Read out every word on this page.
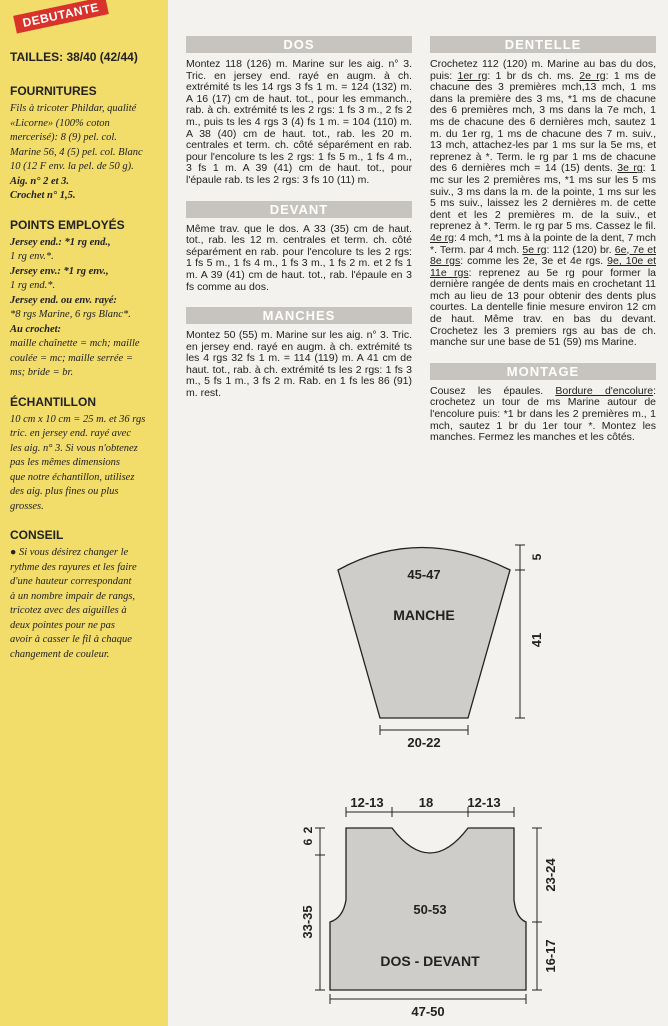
DEBUTANTE
TAILLES: 38/40 (42/44)
FOURNITURES
Fils à tricoter Phildar, qualité
«Licorne» (100% coton
mercerisé): 8 (9) pel. col.
Marine 56, 4 (5) pel. col. Blanc
10 (12 F env. la pel. de 50 g).
Aig. n° 2 et 3.
Crochet n° 1,5.
POINTS EMPLOYÉS
Jersey end.: *1 rg end.,
1 rg env.*.
Jersey env.: *1 rg env.,
1 rg end.*.
Jersey end. ou env. rayé:
*8 rgs Marine, 6 rgs Blanc*.
Au crochet:
maille chaînette = mch; maille
coulée = mc; maille serrée =
ms; bride = br.
ÉCHANTILLON
10 cm x 10 cm = 25 m. et 36 rgs
tric. en jersey end. rayé avec
les aig. n° 3. Si vous n'obtenez
pas les mêmes dimensions
que notre échantillon, utilisez
des aig. plus fines ou plus
grosses.
CONSEIL
● Si vous désirez changer le
rythme des rayures et les faire
d'une hauteur correspondant
à un nombre impair de rangs,
tricotez avec des aiguilles à
deux pointes pour ne pas
avoir à casser le fil à chaque
changement de couleur.
DOS

Montez 118 (126) m. Marine sur les aig. n° 3. Tric. en jersey end. rayé en augm. à ch. extrémité ts les 14 rgs 3 fs 1 m. = 124 (132) m. A 16 (17) cm de haut. tot., pour les emmanch., rab. à ch. extrémité ts les 2 rgs: 1 fs 3 m., 2 fs 2 m., puis ts les 4 rgs 3 (4) fs 1 m. = 104 (110) m. A 38 (40) cm de haut. tot., rab. les 20 m. centrales et term. ch. côté séparément en rab. pour l'encolure ts les 2 rgs: 1 fs 5 m., 1 fs 4 m., 3 fs 1 m. A 39 (41) cm de haut. tot., pour l'épaule rab. ts les 2 rgs: 3 fs 10 (11) m.

DEVANT

Même trav. que le dos. A 33 (35) cm de haut. tot., rab. les 12 m. centrales et term. ch. côté séparément en rab. pour l'encolure ts les 2 rgs: 1 fs 5 m., 1 fs 4 m., 1 fs 3 m., 1 fs 2 m. et 2 fs 1 m. A 39 (41) cm de haut. tot., rab. l'épaule en 3 fs comme au dos.

MANCHES

Montez 50 (55) m. Marine sur les aig. n° 3. Tric. en jersey end. rayé en augm. à ch. extrémité ts les 4 rgs 32 fs 1 m. = 114 (119) m. A 41 cm de haut. tot., rab. à ch. extrémité ts les 2 rgs: 1 fs 3 m., 5 fs 1 m., 3 fs 2 m. Rab. en 1 fs les 86 (91) m. rest.

DENTELLE

Crochetez 112 (120) m. Marine au bas du dos, puis: 1er rg: 1 br ds ch. ms. 2e rg: 1 ms de chacune des 3 premières mch,13 mch, 1 ms dans la première des 3 ms, *1 ms de chacune des 6 premières mch, 3 ms dans la 7e mch, 1 ms de chacune des 6 dernières mch, sautez 1 m. du 1er rg, 1 ms de chacune des 7 m. suiv., 13 mch, attachez-les par 1 ms sur la 5e ms, et reprenez à *. Term. le rg par 1 ms de chacune des 6 dernières mch = 14 (15) dents. 3e rg: 1 mc sur les 2 premières ms, *1 ms sur les 5 ms suiv., 3 ms dans la m. de la pointe, 1 ms sur les 5 ms suiv., laissez les 2 dernières m. de cette dent et les 2 premières m. de la suiv., et reprenez à *. Term. le rg par 5 ms. Cassez le fil. 4e rg: 4 mch, *1 ms à la pointe de la dent, 7 mch *. Term. par 4 mch. 5e rg: 112 (120) br. 6e, 7e et 8e rgs: comme les 2e, 3e et 4e rgs. 9e, 10e et 11e rgs: reprenez au 5e rg pour former la dernière rangée de dents mais en crochetant 11 mch au lieu de 13 pour obtenir des dents plus courtes. La dentelle finie mesure environ 12 cm de haut. Même trav. en bas du devant. Crochetez les 3 premiers rgs au bas de ch. manche sur une base de 51 (59) ms Marine.

MONTAGE

Cousez les épaules. Bordure d'encolure: crochetez un tour de ms Marine autour de l'encolure puis: *1 br dans les 2 premières m., 1 mch, sautez 1 br du 1er tour *. Montez les manches. Fermez les manches et les côtés.

45-47
MANCHE
5
41
20-22
12-13	18	12-13
6
2
33-35	50-53
23-24
16-17
DOS - DEVANT
47-50
